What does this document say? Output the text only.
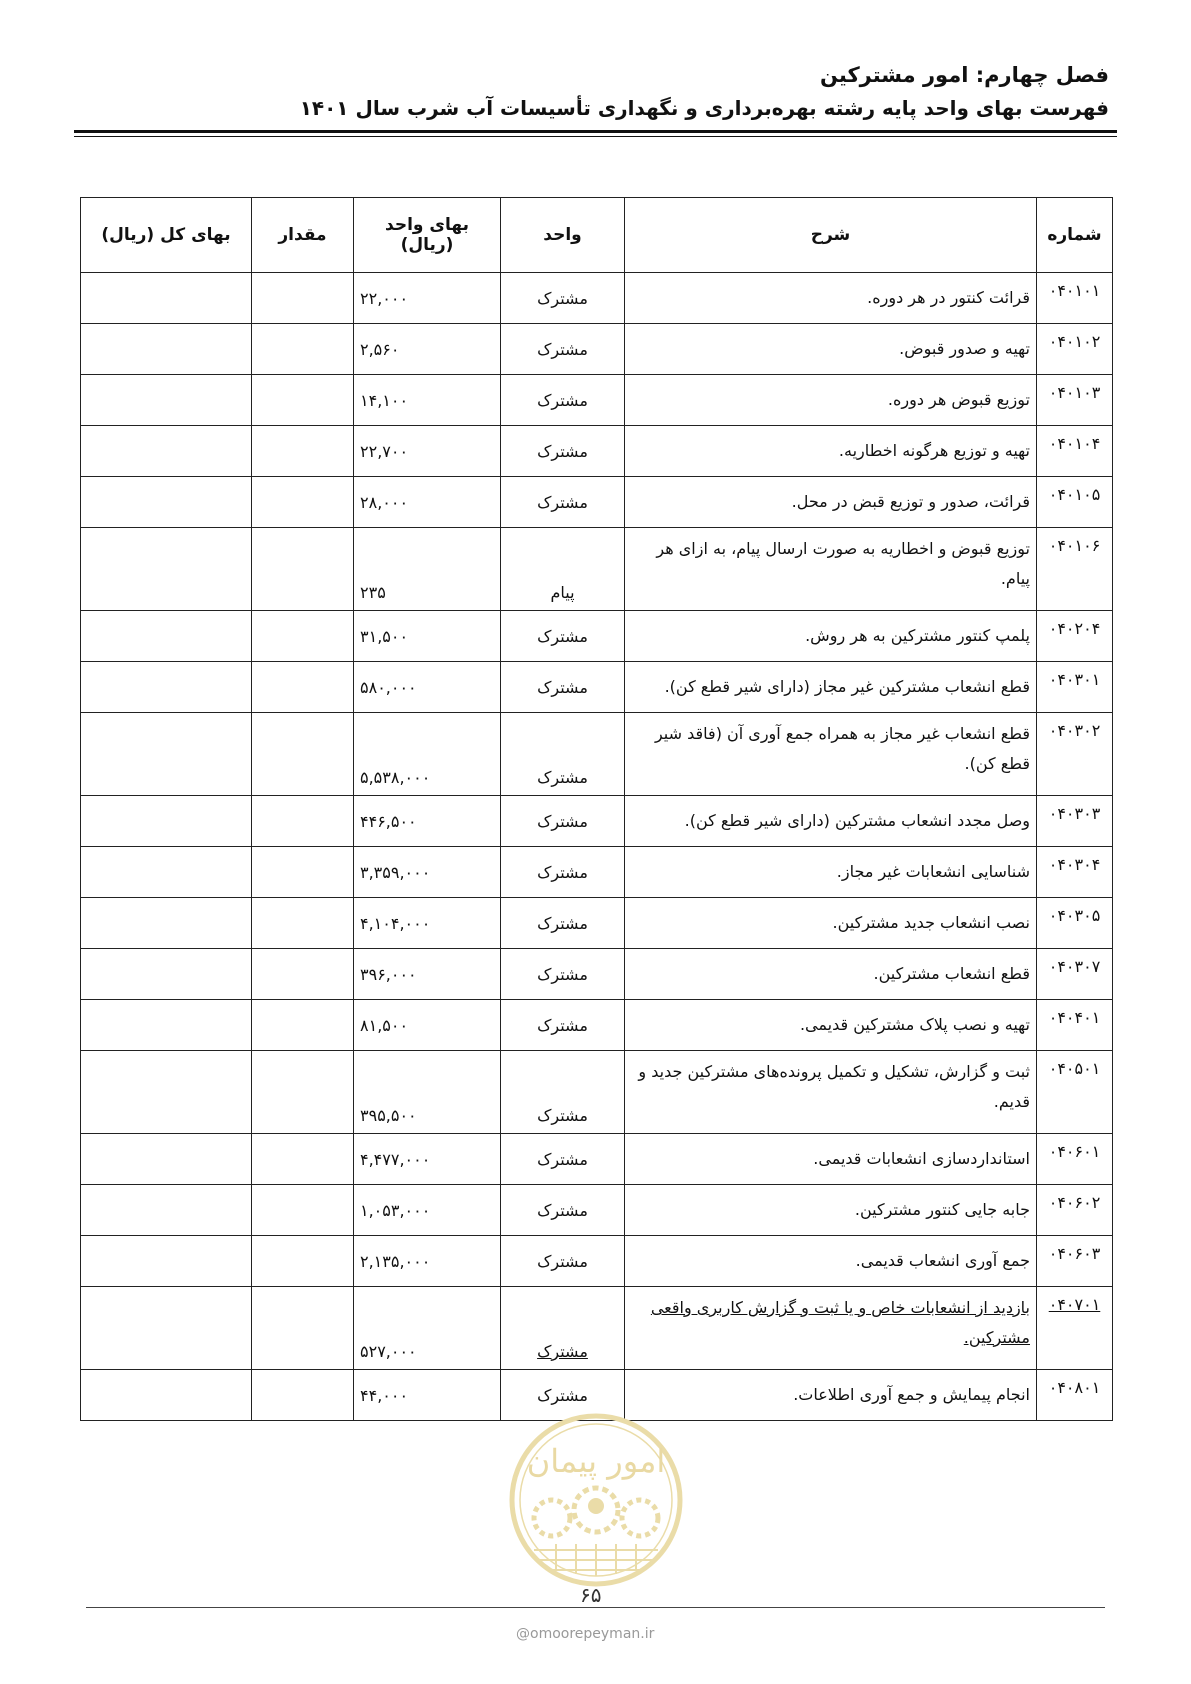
فصل چهارم: امور مشترکین
فهرست بهای واحد پایه رشته بهره‌برداری و نگهداری تأسیسات آب شرب سال ۱۴۰۱
شماره	شرح	واحد	بهای واحد
(ریال)	مقدار	بهای کل (ریال)
۰۴۰۱۰۱	قرائت کنتور در هر دوره.	مشترک	۲۲,۰۰۰		
۰۴۰۱۰۲	تهیه و صدور قبوض.	مشترک	۲,۵۶۰		
۰۴۰۱۰۳	توزیع قبوض هر دوره.	مشترک	۱۴,۱۰۰		
۰۴۰۱۰۴	تهیه و توزیع هرگونه اخطاریه.	مشترک	۲۲,۷۰۰		
۰۴۰۱۰۵	قرائت، صدور و توزیع قبض در محل.	مشترک	۲۸,۰۰۰		
۰۴۰۱۰۶	توزیع قبوض و اخطاریه به صورت ارسال پیام، به ازای هر پیام.	پیام	۲۳۵		
۰۴۰۲۰۴	پلمپ کنتور مشترکین به هر روش.	مشترک	۳۱,۵۰۰		
۰۴۰۳۰۱	قطع انشعاب مشترکین غیر مجاز (دارای شیر قطع کن).	مشترک	۵۸۰,۰۰۰		
۰۴۰۳۰۲	قطع انشعاب غیر مجاز به همراه جمع آوری آن (فاقد شیر قطع کن).	مشترک	۵,۵۳۸,۰۰۰		
۰۴۰۳۰۳	وصل مجدد انشعاب مشترکین (دارای شیر قطع کن).	مشترک	۴۴۶,۵۰۰		
۰۴۰۳۰۴	شناسایی انشعابات غیر مجاز.	مشترک	۳,۳۵۹,۰۰۰		
۰۴۰۳۰۵	نصب انشعاب جدید مشترکین.	مشترک	۴,۱۰۴,۰۰۰		
۰۴۰۳۰۷	قطع انشعاب مشترکین.	مشترک	۳۹۶,۰۰۰		
۰۴۰۴۰۱	تهیه و نصب پلاک مشترکین قدیمی.	مشترک	۸۱,۵۰۰		
۰۴۰۵۰۱	ثبت و گزارش، تشکیل و تکمیل پرونده‌های مشترکین جدید و قدیم.	مشترک	۳۹۵,۵۰۰		
۰۴۰۶۰۱	استانداردسازی انشعابات قدیمی.	مشترک	۴,۴۷۷,۰۰۰		
۰۴۰۶۰۲	جابه جایی کنتور مشترکین.	مشترک	۱,۰۵۳,۰۰۰		
۰۴۰۶۰۳	جمع آوری انشعاب قدیمی.	مشترک	۲,۱۳۵,۰۰۰		
۰۴۰۷۰۱	بازدید از انشعابات خاص و یا ثبت و گزارش کاربری واقعی مشترکین.	مشترک	۵۲۷,۰۰۰		
۰۴۰۸۰۱	انجام پیمایش و جمع آوری اطلاعات.	مشترک	۴۴,۰۰۰		
امور پیمان
۶۵
@omoorepeyman.ir
